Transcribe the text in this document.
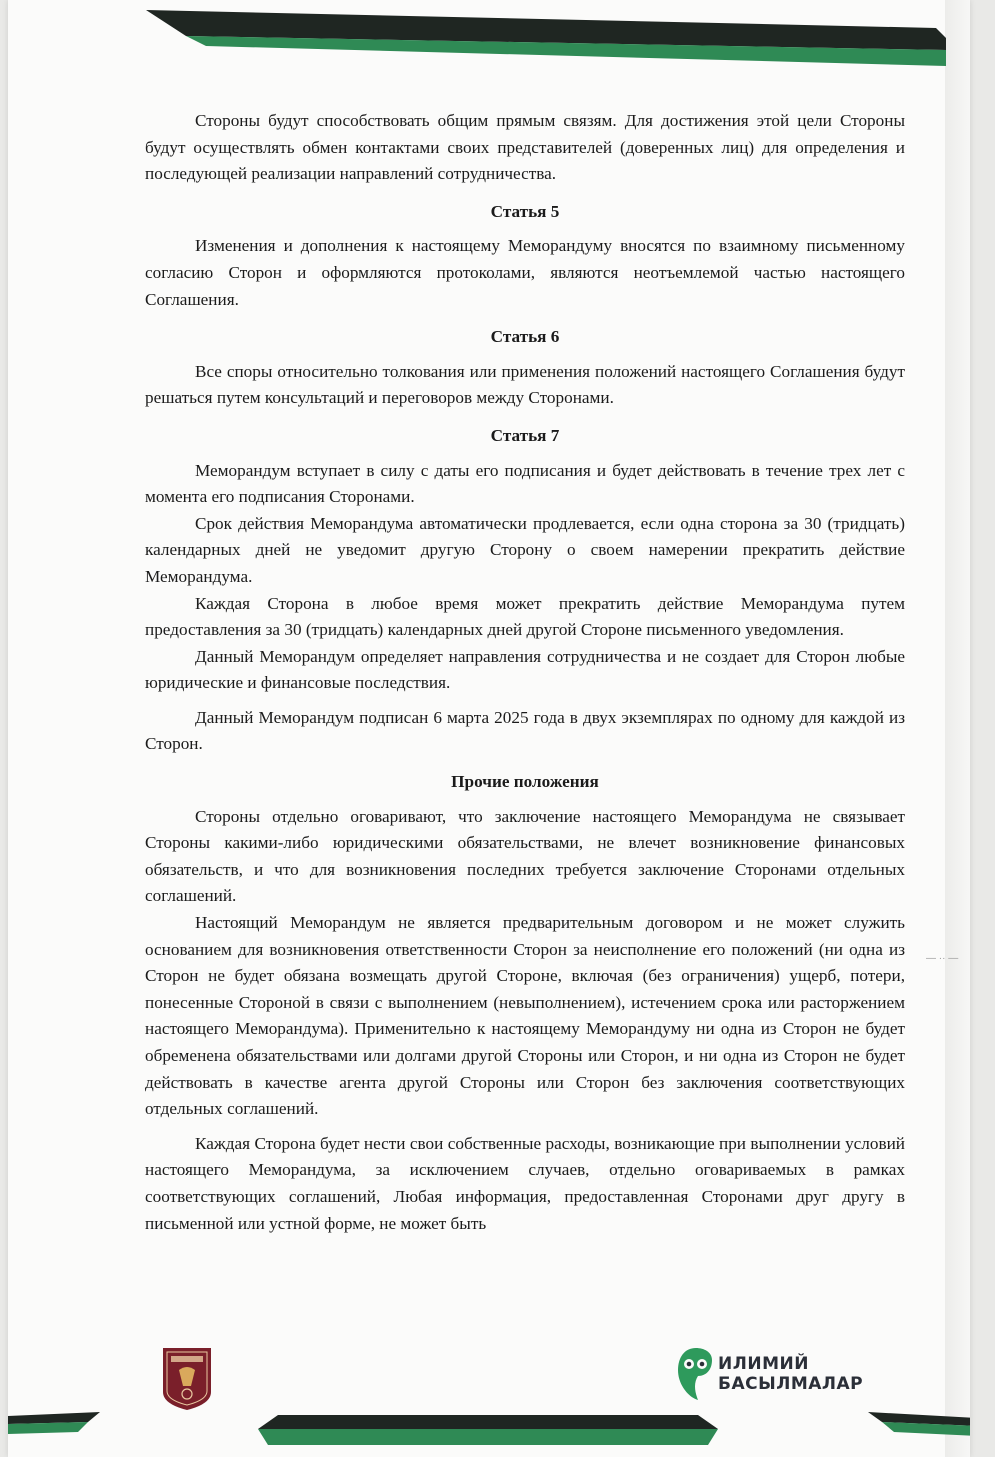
Стороны будут способствовать общим прямым связям. Для достижения этой цели Стороны будут осуществлять обмен контактами своих представителей (доверенных лиц) для определения и последующей реализации направлений сотрудничества.

Статья 5

Изменения и дополнения к настоящему Меморандуму вносятся по взаимному письменному согласию Сторон и оформляются протоколами, являются неотъемлемой частью настоящего Соглашения.

Статья 6

Все споры относительно толкования или применения положений настоящего Соглашения будут решаться путем консультаций и переговоров между Сторонами.

Статья 7

Меморандум вступает в силу с даты его подписания и будет действовать в течение трех лет с момента его подписания Сторонами.

Срок действия Меморандума автоматически продлевается, если одна сторона за 30 (тридцать) календарных дней не уведомит другую Сторону о своем намерении прекратить действие Меморандума.

Каждая Сторона в любое время может прекратить действие Меморандума путем предоставления за 30 (тридцать) календарных дней другой Стороне письменного уведомления.

Данный Меморандум определяет направления сотрудничества и не создает для Сторон любые юридические и финансовые последствия.

Данный Меморандум подписан 6 марта 2025 года в двух экземплярах по одному для каждой из Сторон.

Прочие положения

Стороны отдельно оговаривают, что заключение настоящего Меморандума не связывает Стороны какими-либо юридическими обязательствами, не влечет возникновение финансовых обязательств, и что для возникновения последних требуется заключение Сторонами отдельных соглашений.

Настоящий Меморандум не является предварительным договором и не может служить основанием для возникновения ответственности Сторон за неисполнение его положений (ни одна из Сторон не будет обязана возмещать другой Стороне, включая (без ограничения) ущерб, потери, понесенные Стороной в связи с выполнением (невыполнением), истечением срока или расторжением настоящего Меморандума). Применительно к настоящему Меморандуму ни одна из Сторон не будет обременена обязательствами или долгами другой Стороны или Сторон, и ни одна из Сторон не будет действовать в качестве агента другой Стороны или Сторон без заключения соответствующих отдельных соглашений.

Каждая Сторона будет нести свои собственные расходы, возникающие при выполнении условий настоящего Меморандума, за исключением случаев, отдельно оговариваемых в рамках соответствующих соглашений, Любая информация, предоставленная Сторонами друг другу в письменной или устной форме, не может быть

— ·· —
ИЛИМИЙ
БАСЫЛМАЛАР
